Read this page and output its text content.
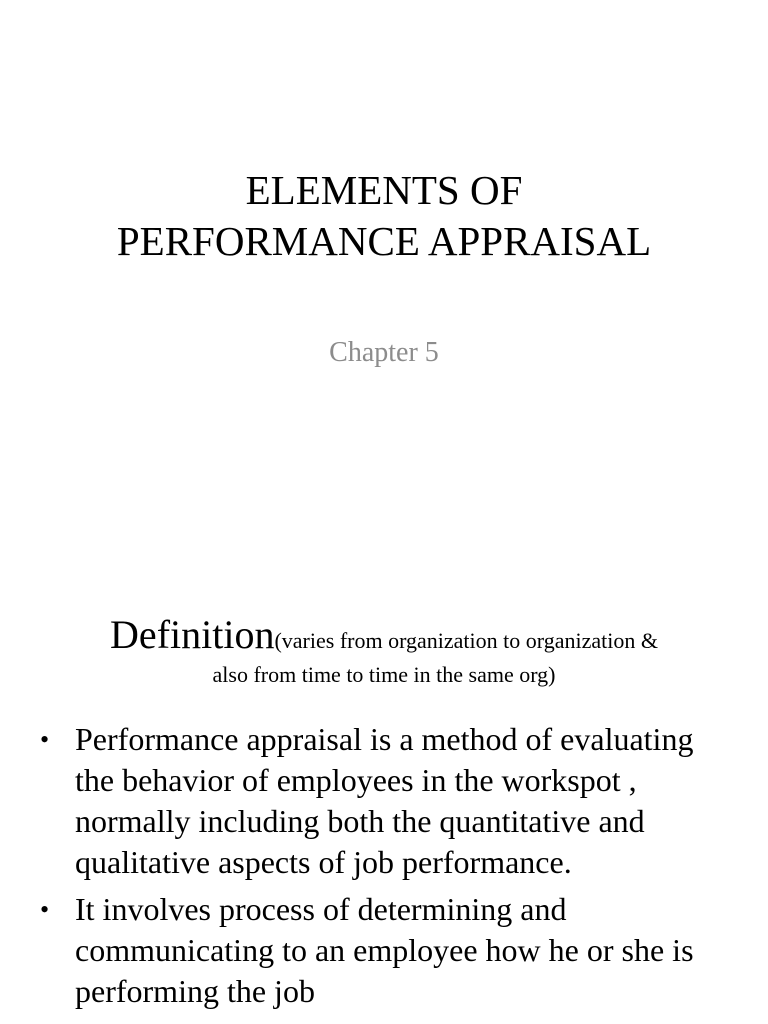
ELEMENTS OF
PERFORMANCE APPRAISAL
Chapter 5
Definition(varies from organization to organization &
also from time to time in the same org)
• Performance appraisal is a method of evaluating the behavior of employees in the workspot , normally including both the quantitative and qualitative aspects of job performance.
• It involves process of determining and communicating to an employee how he or she is performing the job
